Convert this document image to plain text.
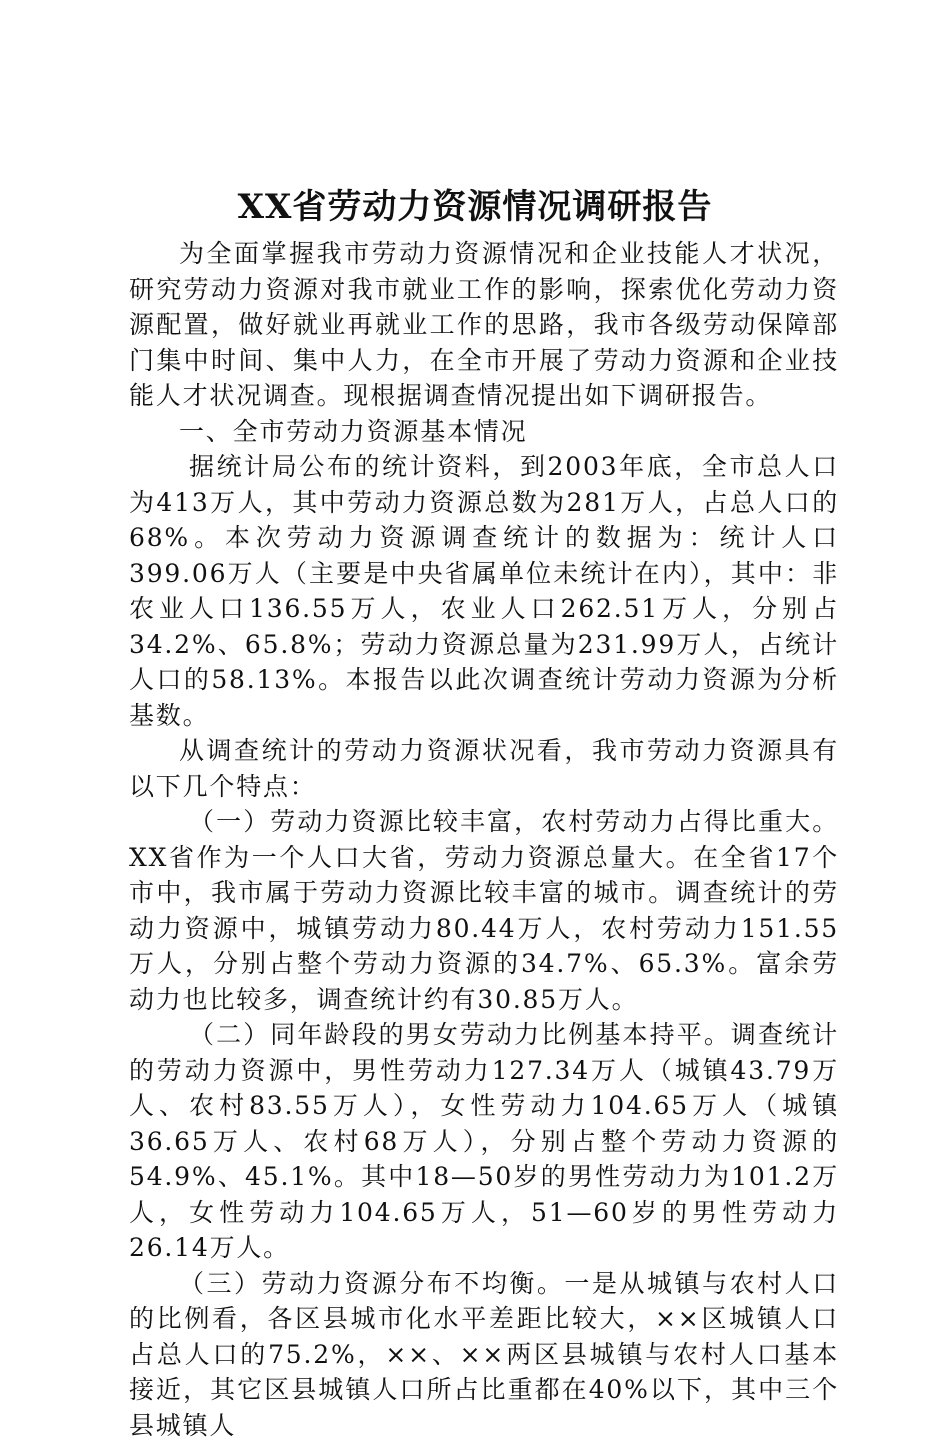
XX省劳动力资源情况调研报告

为全面掌握我市劳动力资源情况和企业技能人才状况，研究劳动力资源对我市就业工作的影响，探索优化劳动力资源配置，做好就业再就业工作的思路，我市各级劳动保障部门集中时间、集中人力，在全市开展了劳动力资源和企业技能人才状况调查。现根据调查情况提出如下调研报告。

一、全市劳动力资源基本情况

据统计局公布的统计资料，到2003年底，全市总人口为413万人，其中劳动力资源总数为281万人，占总人口的68%。本次劳动力资源调查统计的数据为：统计人口399.06万人（主要是中央省属单位未统计在内），其中：非农业人口136.55万人，农业人口262.51万人，分别占34.2%、65.8%；劳动力资源总量为231.99万人，占统计人口的58.13%。本报告以此次调查统计劳动力资源为分析基数。

从调查统计的劳动力资源状况看，我市劳动力资源具有以下几个特点：

（一）劳动力资源比较丰富，农村劳动力占得比重大。XX省作为一个人口大省，劳动力资源总量大。在全省17个市中，我市属于劳动力资源比较丰富的城市。调查统计的劳动力资源中，城镇劳动力80.44万人，农村劳动力151.55万人，分别占整个劳动力资源的34.7%、65.3%。富余劳动力也比较多，调查统计约有30.85万人。

（二）同年龄段的男女劳动力比例基本持平。调查统计的劳动力资源中，男性劳动力127.34万人（城镇43.79万人、农村83.55万人），女性劳动力104.65万人（城镇36.65万人、农村68万人），分别占整个劳动力资源的54.9%、45.1%。其中18—50岁的男性劳动力为101.2万人，女性劳动力104.65万人，51—60岁的男性劳动力26.14万人。

（三）劳动力资源分布不均衡。一是从城镇与农村人口的比例看，各区县城市化水平差距比较大，××区城镇人口占总人口的75.2%，××、××两区县城镇与农村人口基本接近，其它区县城镇人口所占比重都在40%以下，其中三个县城镇人
